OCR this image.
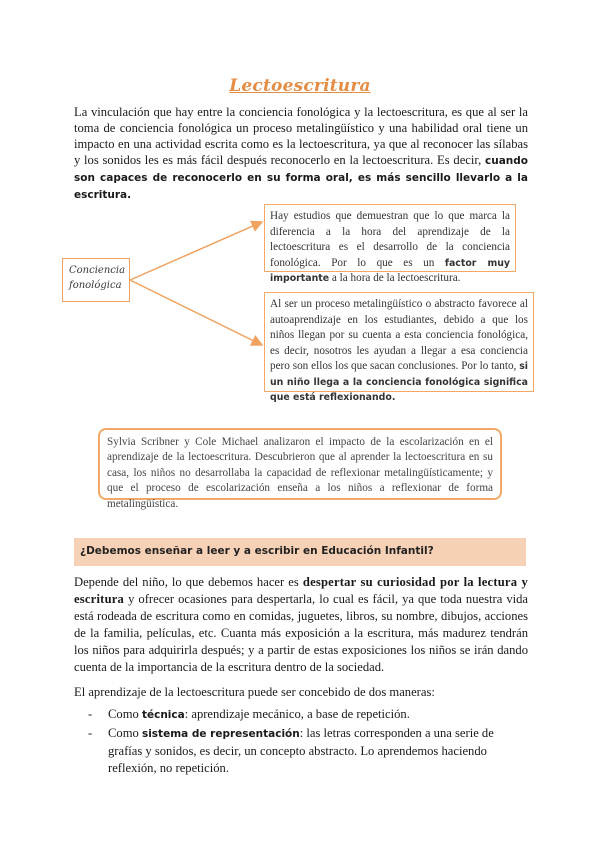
Lectoescritura
La vinculación que hay entre la conciencia fonológica y la lectoescritura, es que al ser la toma de conciencia fonológica un proceso metalingüístico y una habilidad oral tiene un impacto en una actividad escrita como es la lectoescritura, ya que al reconocer las sílabas y los sonidos les es más fácil después reconocerlo en la lectoescritura. Es decir, cuando son capaces de reconocerlo en su forma oral, es más sencillo llevarlo a la escritura.
Conciencia fonológica
Hay estudios que demuestran que lo que marca la diferencia a la hora del aprendizaje de la lectoescritura es el desarrollo de la conciencia fonológica. Por lo que es un factor muy importante a la hora de la lectoescritura.
Al ser un proceso metalingüístico o abstracto favorece al autoaprendizaje en los estudiantes, debido a que los niños llegan por su cuenta a esta conciencia fonológica, es decir, nosotros les ayudan a llegar a esa conciencia pero son ellos los que sacan conclusiones. Por lo tanto, si un niño llega a la conciencia fonológica significa que está reflexionando.
Sylvia Scribner y Cole Michael analizaron el impacto de la escolarización en el aprendizaje de la lectoescritura. Descubrieron que al aprender la lectoescritura en su casa, los niños no desarrollaba la capacidad de reflexionar metalingüísticamente; y que el proceso de escolarización enseña a los niños a reflexionar de forma metalingüística.
¿Debemos enseñar a leer y a escribir en Educación Infantil?
Depende del niño, lo que debemos hacer es despertar su curiosidad por la lectura y escritura y ofrecer ocasiones para despertarla, lo cual es fácil, ya que toda nuestra vida está rodeada de escritura como en comidas, juguetes, libros, su nombre, dibujos, acciones de la familia, películas, etc. Cuanta más exposición a la escritura, más madurez tendrán los niños para adquirirla después; y a partir de estas exposiciones los niños se irán dando cuenta de la importancia de la escritura dentro de la sociedad.
El aprendizaje de la lectoescritura puede ser concebido de dos maneras:
- Como técnica: aprendizaje mecánico, a base de repetición.
- Como sistema de representación: las letras corresponden a una serie de grafías y sonidos, es decir, un concepto abstracto. Lo aprendemos haciendo reflexión, no repetición.
